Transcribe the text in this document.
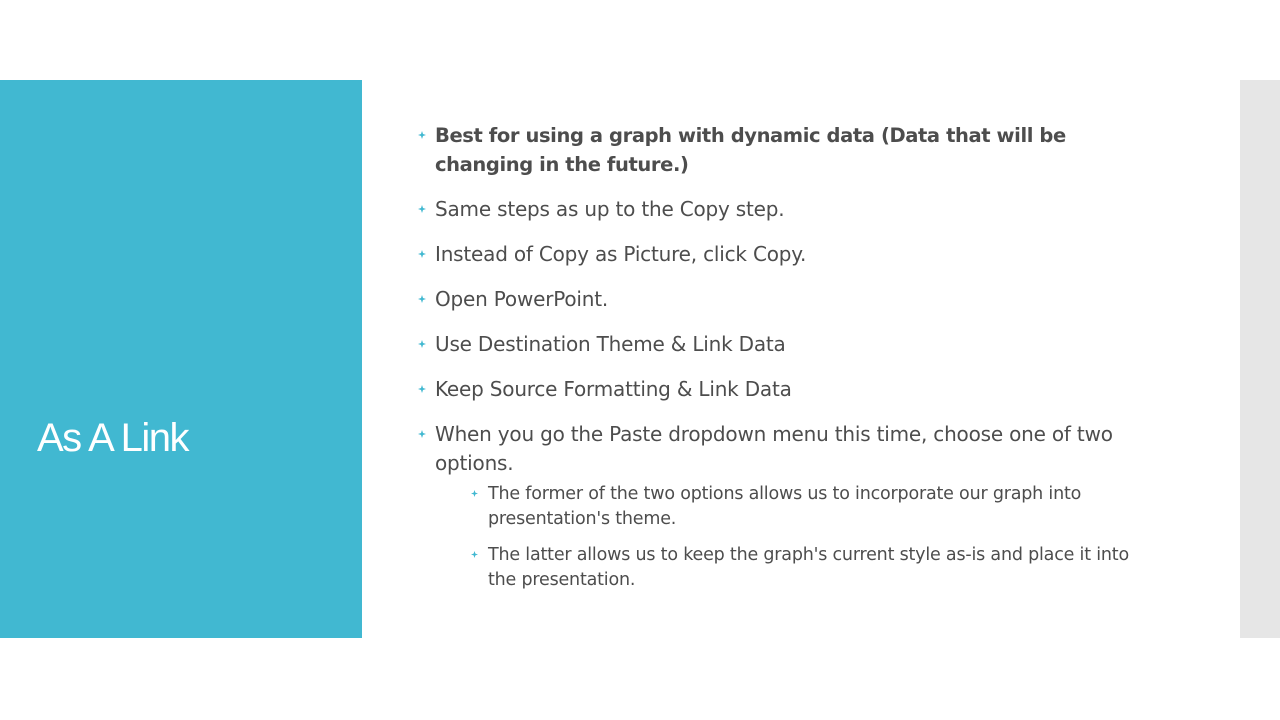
As A Link
Best for using a graph with dynamic data (Data that will be changing in the future.)
Same steps as up to the Copy step.
Instead of Copy as Picture, click Copy.
Open PowerPoint.
Use Destination Theme & Link Data
Keep Source Formatting & Link Data
When you go the Paste dropdown menu this time, choose one of two options.
The former of the two options allows us to incorporate our graph into presentation's theme.
The latter allows us to keep the graph's current style as-is and place it into the presentation.
